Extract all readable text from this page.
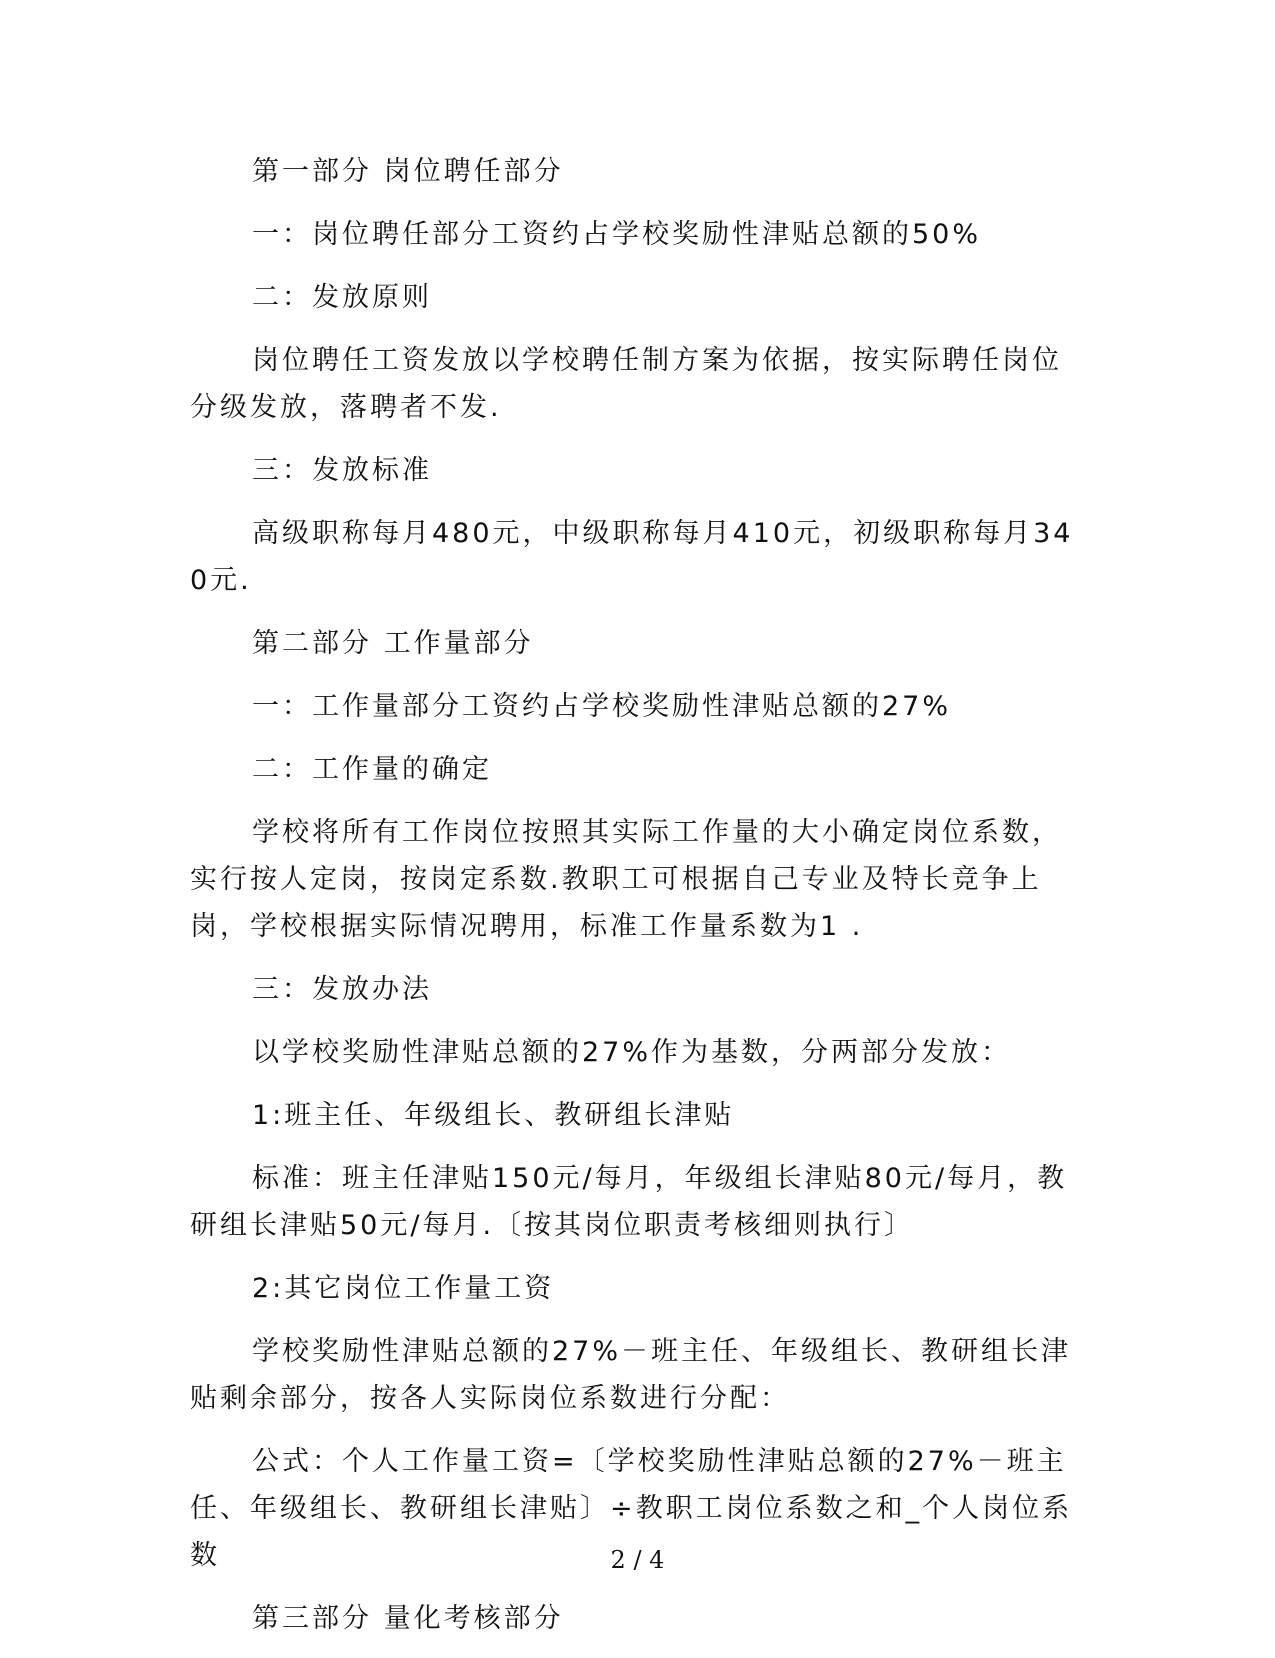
第一部分 岗位聘任部分

一：岗位聘任部分工资约占学校奖励性津贴总额的50%

二：发放原则

岗位聘任工资发放以学校聘任制方案为依据，按实际聘任岗位分级发放，落聘者不发.

三：发放标准

高级职称每月480元，中级职称每月410元，初级职称每月340元.

第二部分 工作量部分

一：工作量部分工资约占学校奖励性津贴总额的27%

二：工作量的确定

学校将所有工作岗位按照其实际工作量的大小确定岗位系数，实行按人定岗，按岗定系数.教职工可根据自己专业及特长竞争上岗，学校根据实际情况聘用，标准工作量系数为1 .

三：发放办法

以学校奖励性津贴总额的27%作为基数，分两部分发放：

1:班主任、年级组长、教研组长津贴

标准：班主任津贴150元/每月，年级组长津贴80元/每月，教研组长津贴50元/每月.〔按其岗位职责考核细则执行〕

2:其它岗位工作量工资

学校奖励性津贴总额的27%－班主任、年级组长、教研组长津贴剩余部分，按各人实际岗位系数进行分配：

公式：个人工作量工资=〔学校奖励性津贴总额的27%－班主任、年级组长、教研组长津贴〕÷教职工岗位系数之和_个人岗位系数

第三部分 量化考核部分

2 / 4
